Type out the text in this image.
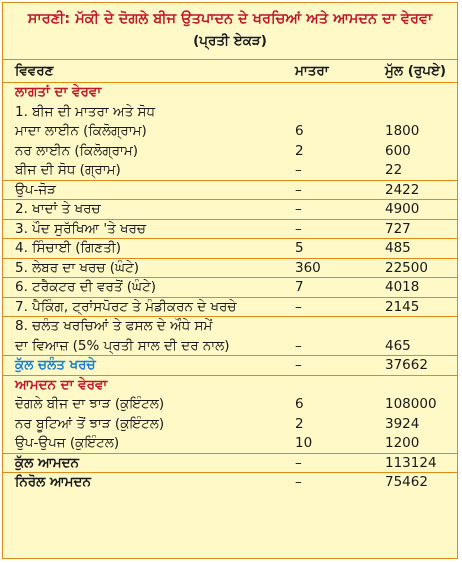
ਸਾਰਣੀ: ਮੱਕੀ ਦੇ ਦੋਗਲੇ ਬੀਜ ਉਤਪਾਦਨ ਦੇ ਖਰਚਿਆਂ ਅਤੇ ਆਮਦਨ ਦਾ ਵੇਰਵਾ
(ਪ੍ਰਤੀ ਏਕੜ)
ਵਿਵਰਣ	ਮਾਤਰਾ	ਮੁੱਲ (ਰੁਪਏ)
ਲਾਗਤਾਂ ਦਾ ਵੇਰਵਾ
1. ਬੀਜ ਦੀ ਮਾਤਰਾ ਅਤੇ ਸੋਧ
ਮਾਦਾ ਲਾਈਨ (ਕਿਲੋਗ੍ਰਾਮ)	6	1800
ਨਰ ਲਾਈਨ (ਕਿਲੋਗ੍ਰਾਮ)	2	600
ਬੀਜ ਦੀ ਸੋਧ (ਗ੍ਰਾਮ)	–	22
ਉਪ-ਜੋੜ	–	2422
2. ਖਾਦਾਂ ਤੇ ਖਰਚ	–	4900
3. ਪੌਦ ਸੁਰੱਖਿਆ 'ਤੇ ਖਰਚ	–	727
4. ਸਿੰਚਾਈ (ਗਿਣਤੀ)	5	485
5. ਲੇਬਰ ਦਾ ਖਰਚ (ਘੰਟੇ)	360	22500
6. ਟਰੈਕਟਰ ਦੀ ਵਰਤੋਂ (ਘੰਟੇ)	7	4018
7. ਪੈਕਿੰਗ, ਟ੍ਰਾਂਸਪੋਰਟ ਤੇ ਮੰਡੀਕਰਨ ਦੇ ਖਰਚੇ	–	2145
8. ਚਲੰਤ ਖਰਚਿਆਂ ਤੇ ਫਸਲ ਦੇ ਔਧੇ ਸਮੇਂ
ਦਾ ਵਿਆਜ਼ (5% ਪ੍ਰਤੀ ਸਾਲ ਦੀ ਦਰ ਨਾਲ)	–	465
ਕੁੱਲ ਚਲੰਤ ਖਰਚੇ	–	37662
ਆਮਦਨ ਦਾ ਵੇਰਵਾ
ਦੋਗਲੇ ਬੀਜ ਦਾ ਝਾੜ (ਕੁਇੰਟਲ)	6	108000
ਨਰ ਬੂਟਿਆਂ ਤੋਂ ਝਾੜ (ਕੁਇੰਟਲ)	2	3924
ਉਪ-ਉਪਜ (ਕੁਇੰਟਲ)	10	1200
ਕੁੱਲ ਆਮਦਨ	–	113124
ਨਿਰੋਲ ਆਮਦਨ	–	75462
